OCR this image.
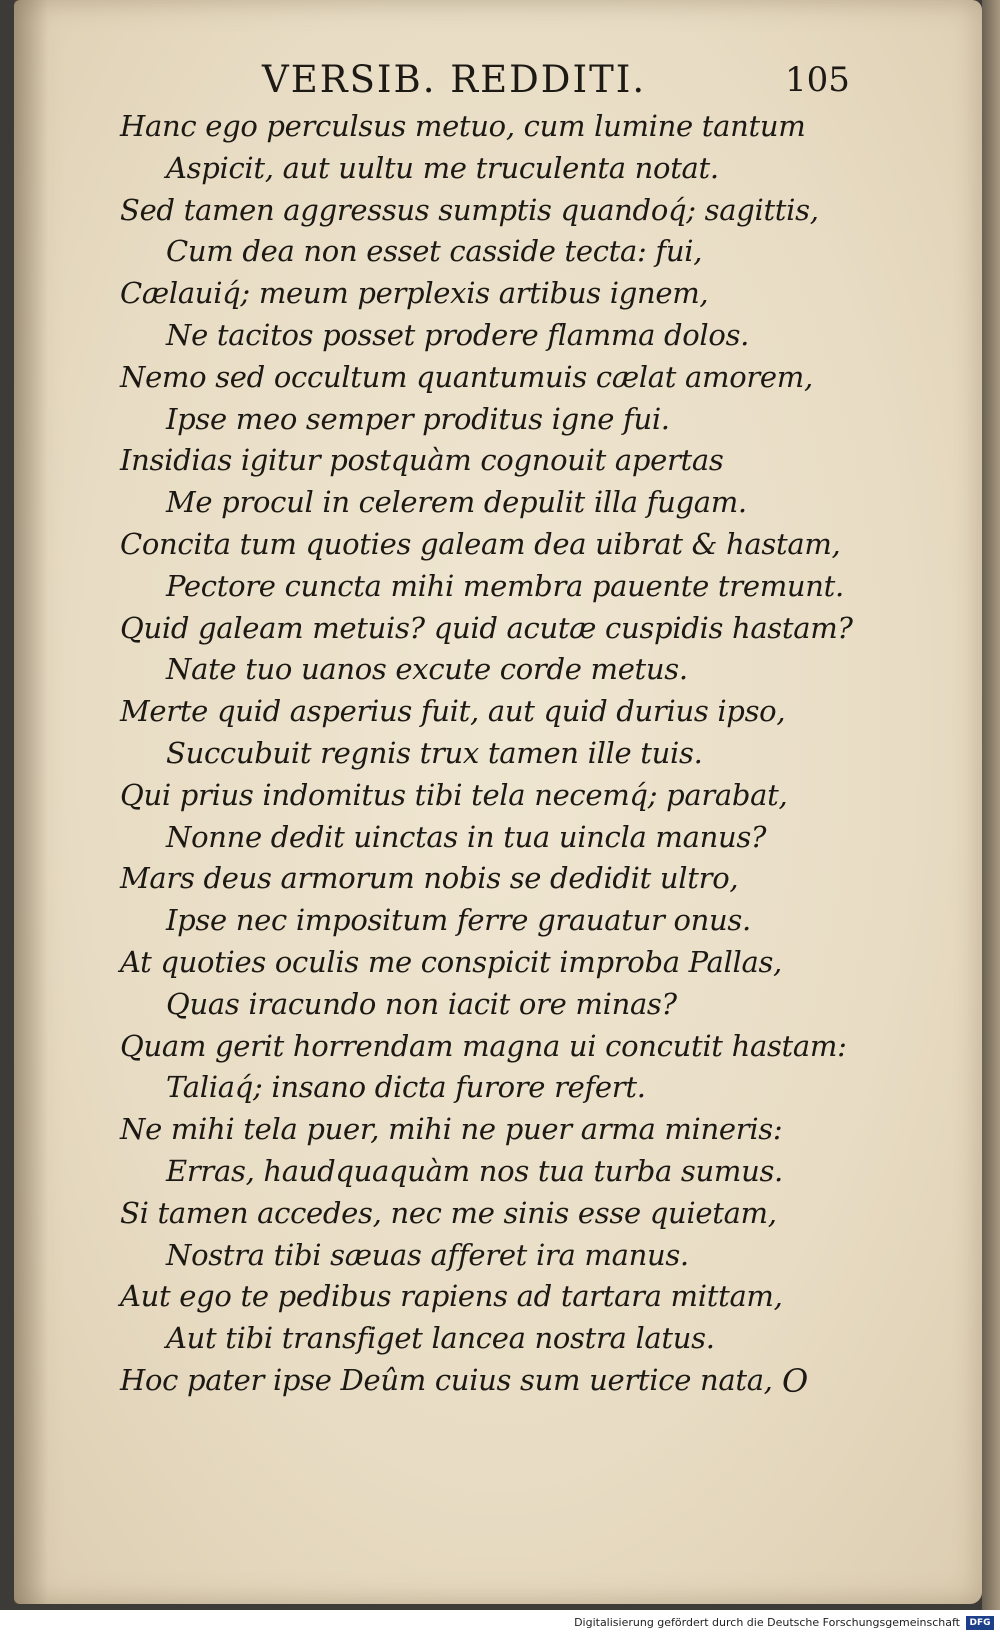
VERSIB. REDDITI.	105
Hanc ego perculsus metuo, cum lumine tantum
Aspicit, aut uultu me truculenta notat.
Sed tamen aggressus sumptis quandoq́; sagittis,
Cum dea non esset casside tecta: fui,
Cælauiq́; meum perplexis artibus ignem,
Ne tacitos posset prodere flamma dolos.
Nemo sed occultum quantumuis cælat amorem,
Ipse meo semper proditus igne fui.
Insidias igitur postquàm cognouit apertas
Me procul in celerem depulit illa fugam.
Concita tum quoties galeam dea uibrat & hastam,
Pectore cuncta mihi membra pauente tremunt.
Quid galeam metuis? quid acutæ cuspidis hastam?
Nate tuo uanos excute corde metus.
Merte quid asperius fuit, aut quid durius ipso,
Succubuit regnis trux tamen ille tuis.
Qui prius indomitus tibi tela necemq́; parabat,
Nonne dedit uinctas in tua uincla manus?
Mars deus armorum nobis se dedidit ultro,
Ipse nec impositum ferre grauatur onus.
At quoties oculis me conspicit improba Pallas,
Quas iracundo non iacit ore minas?
Quam gerit horrendam magna ui concutit hastam:
Taliaq́; insano dicta furore refert.
Ne mihi tela puer, mihi ne puer arma mineris:
Erras, haudquaquàm nos tua turba sumus.
Si tamen accedes, nec me sinis esse quietam,
Nostra tibi sæuas afferet ira manus.
Aut ego te pedibus rapiens ad tartara mittam,
Aut tibi transfiget lancea nostra latus.
Hoc pater ipse Deûm cuius sum uertice nata, O
Digitalisierung gefördert durch die Deutsche Forschungsgemeinschaft	DFG
